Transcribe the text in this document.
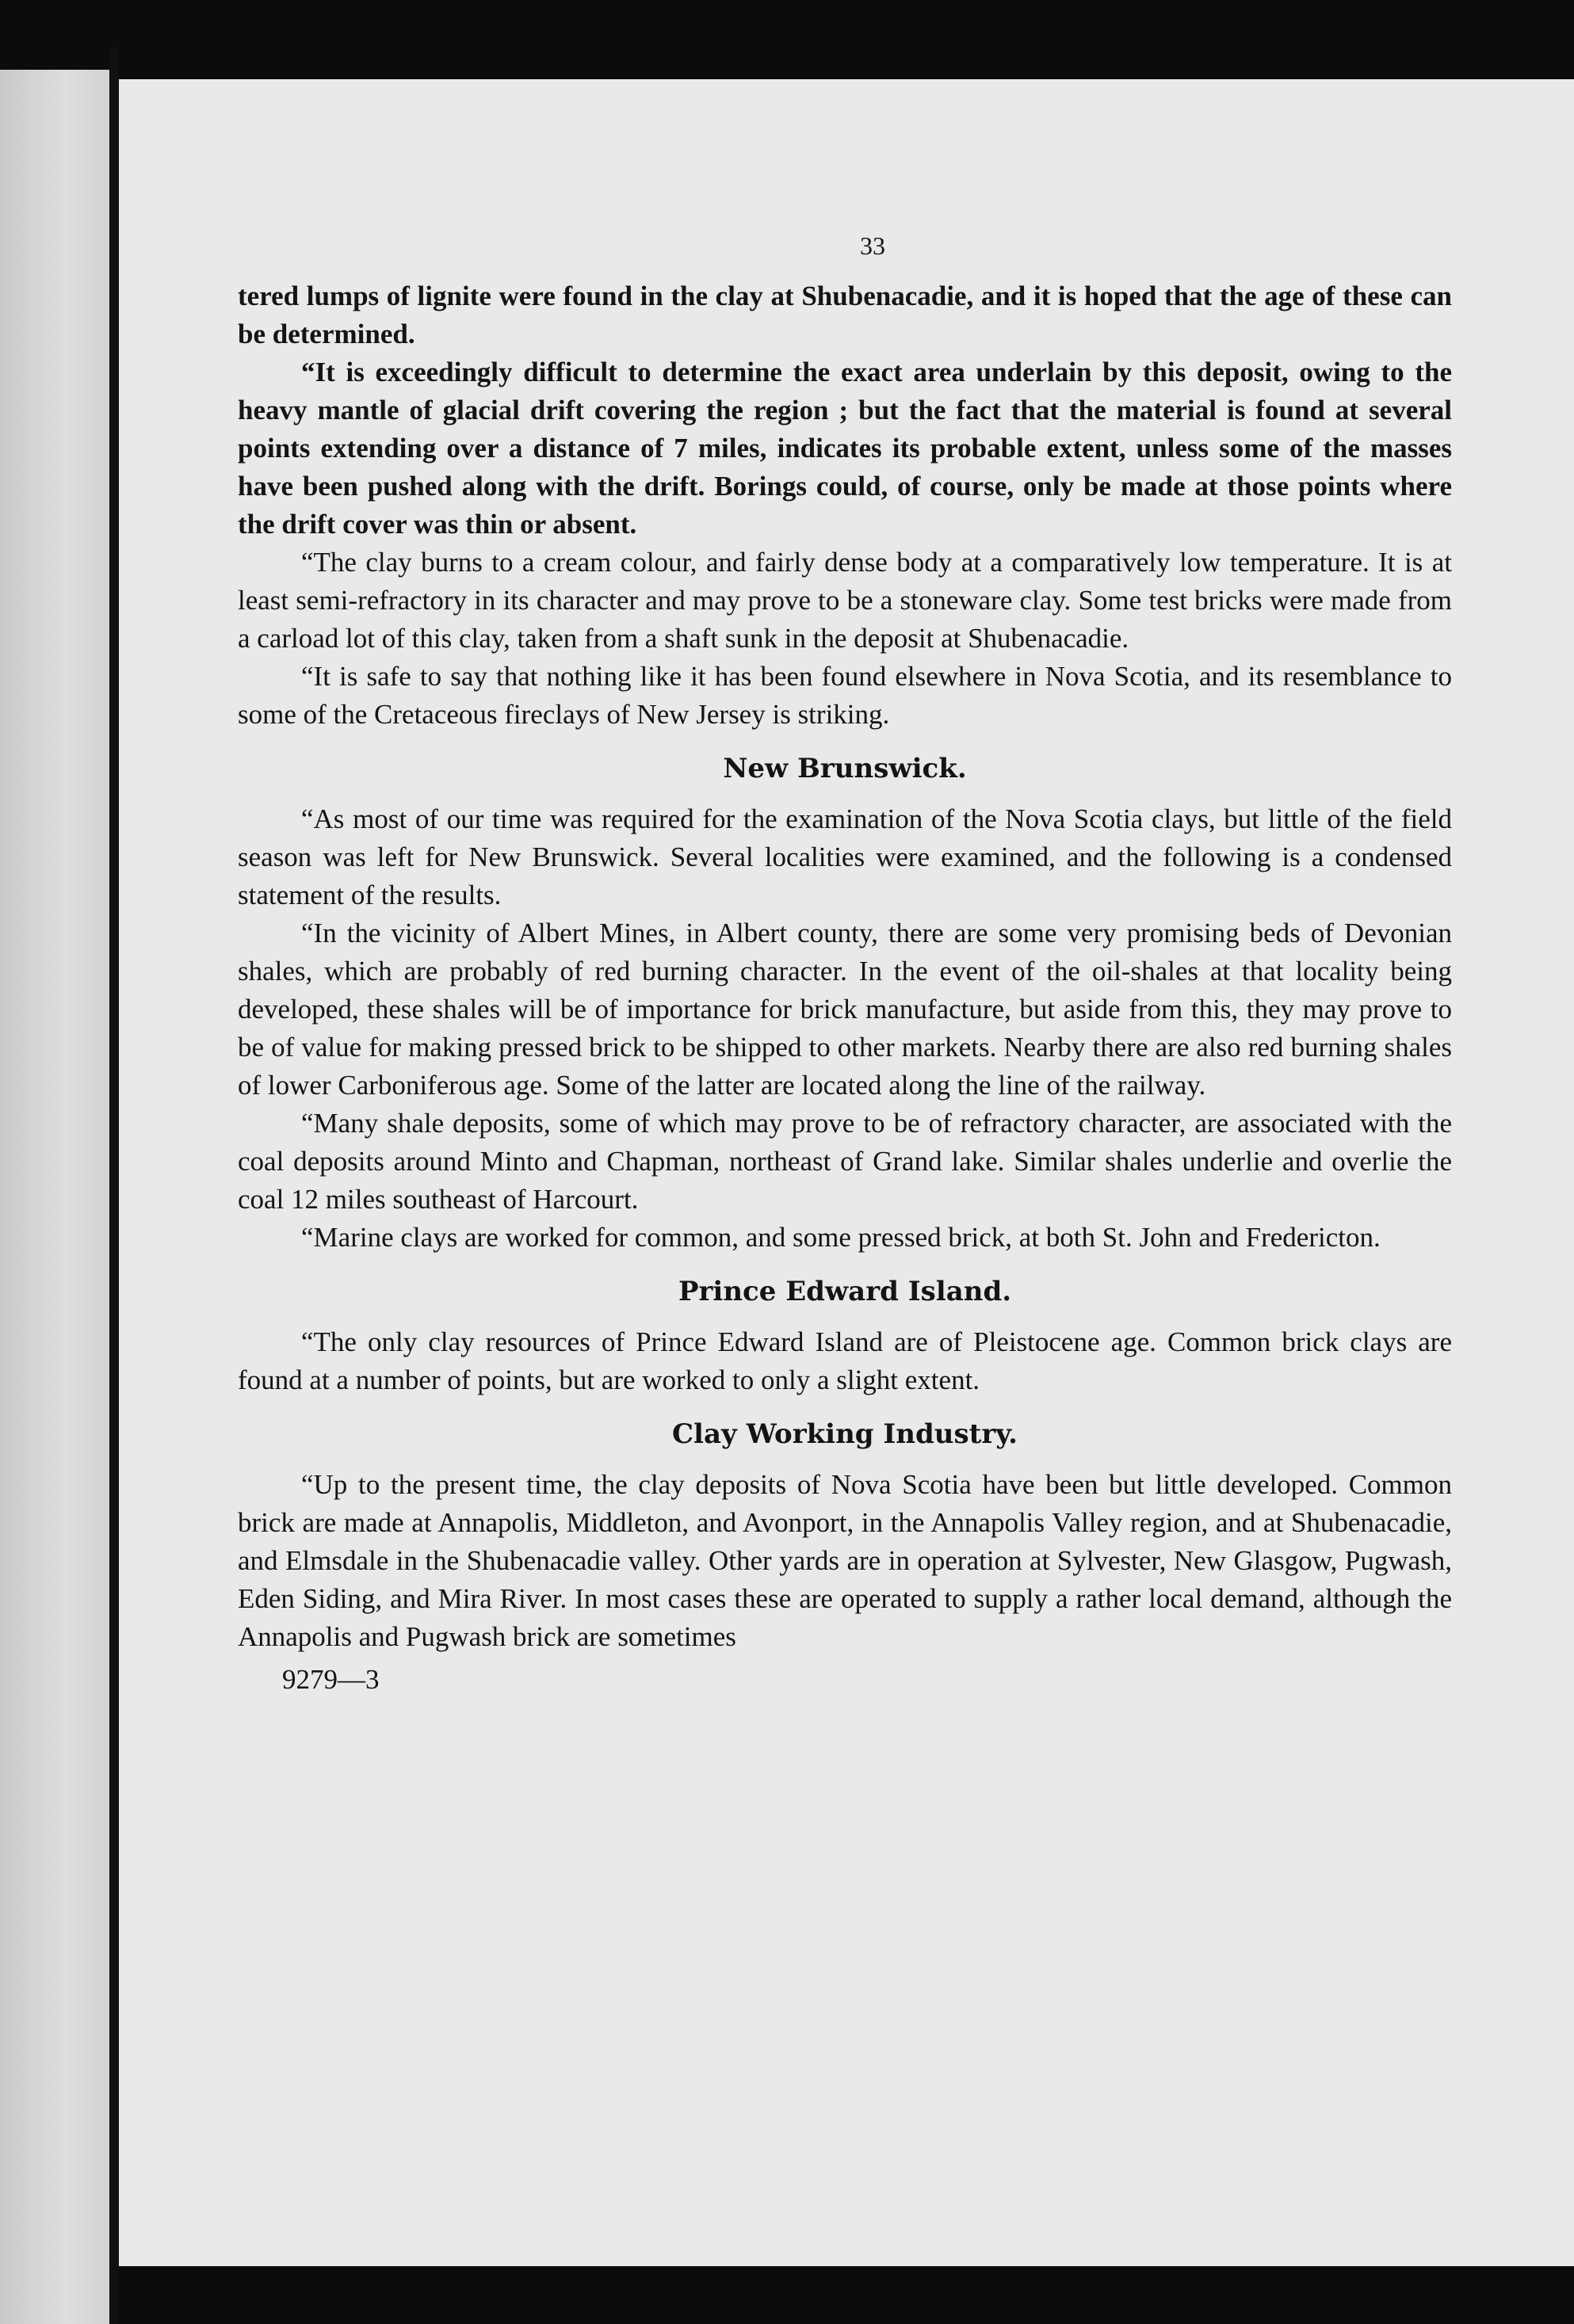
33

tered lumps of lignite were found in the clay at Shubenacadie, and it is hoped that the age of these can be determined.

“It is exceedingly difficult to determine the exact area underlain by this deposit, owing to the heavy mantle of glacial drift covering the region ; but the fact that the material is found at several points extending over a distance of 7 miles, indicates its probable extent, unless some of the masses have been pushed along with the drift. Borings could, of course, only be made at those points where the drift cover was thin or absent.

“The clay burns to a cream colour, and fairly dense body at a comparatively low temperature. It is at least semi-refractory in its character and may prove to be a stoneware clay. Some test bricks were made from a carload lot of this clay, taken from a shaft sunk in the deposit at Shubenacadie.

“It is safe to say that nothing like it has been found elsewhere in Nova Scotia, and its resemblance to some of the Cretaceous fireclays of New Jersey is striking.

New Brunswick.

“As most of our time was required for the examination of the Nova Scotia clays, but little of the field season was left for New Brunswick. Several localities were examined, and the following is a condensed statement of the results.

“In the vicinity of Albert Mines, in Albert county, there are some very promising beds of Devonian shales, which are probably of red burning character. In the event of the oil-shales at that locality being developed, these shales will be of importance for brick manufacture, but aside from this, they may prove to be of value for making pressed brick to be shipped to other markets. Nearby there are also red burning shales of lower Carboniferous age. Some of the latter are located along the line of the railway.

“Many shale deposits, some of which may prove to be of refractory character, are associated with the coal deposits around Minto and Chapman, northeast of Grand lake. Similar shales underlie and overlie the coal 12 miles southeast of Harcourt.

“Marine clays are worked for common, and some pressed brick, at both St. John and Fredericton.

Prince Edward Island.

“The only clay resources of Prince Edward Island are of Pleistocene age. Common brick clays are found at a number of points, but are worked to only a slight extent.

Clay Working Industry.

“Up to the present time, the clay deposits of Nova Scotia have been but little developed. Common brick are made at Annapolis, Middleton, and Avonport, in the Annapolis Valley region, and at Shubenacadie, and Elmsdale in the Shubenacadie valley. Other yards are in operation at Sylvester, New Glasgow, Pugwash, Eden Siding, and Mira River. In most cases these are operated to supply a rather local demand, although the Annapolis and Pugwash brick are sometimes

9279—3
